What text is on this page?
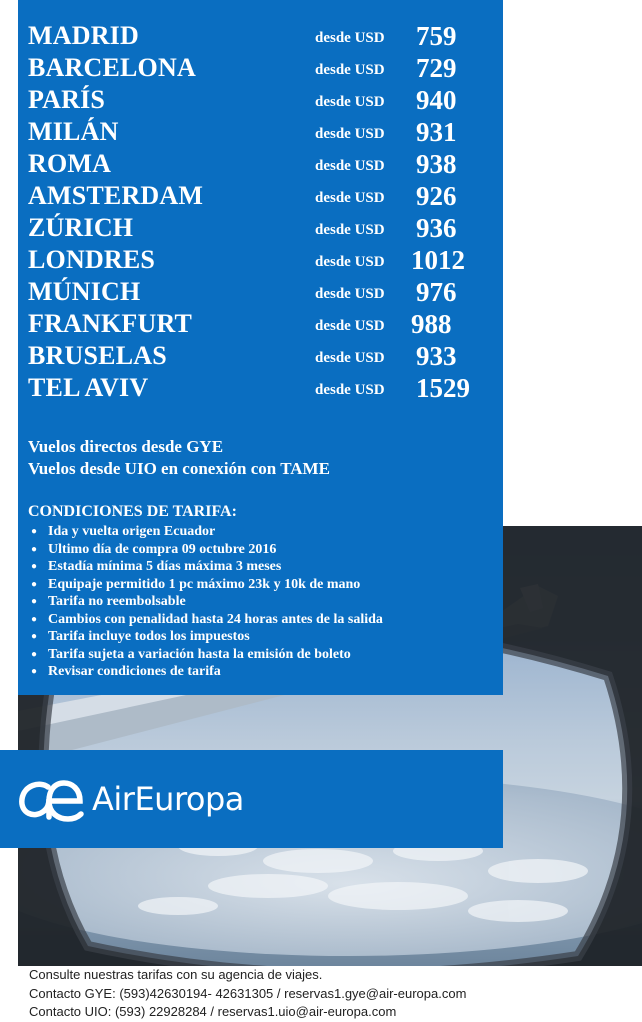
MADRID	desde USD 759
BARCELONA	desde USD 729
PARÍS	desde USD 940
MILÁN	desde USD 931
ROMA	desde USD 938
AMSTERDAM	desde USD 926
ZÚRICH	desde USD 936
LONDRES	desde USD 1012
MÚNICH	desde USD 976
FRANKFURT	desde USD 988
BRUSELAS	desde USD 933
TEL AVIV	desde USD 1529
Vuelos directos desde GYE
Vuelos desde UIO en conexión con TAME
CONDICIONES DE TARIFA:
● Ida y vuelta origen Ecuador
● Ultimo día de compra 09 octubre 2016
● Estadía mínima 5 días máxima 3 meses
● Equipaje permitido 1 pc máximo 23k y 10k de mano
● Tarifa no reembolsable
● Cambios con penalidad hasta 24 horas antes de la salida
● Tarifa incluye todos los impuestos
● Tarifa sujeta a variación hasta la emisión de boleto
● Revisar condiciones de tarifa
AirEuropa
Consulte nuestras tarifas con su agencia de viajes.
Contacto GYE: (593)42630194- 42631305 / reservas1.gye@air-europa.com
Contacto UIO: (593) 22928284 / reservas1.uio@air-europa.com
